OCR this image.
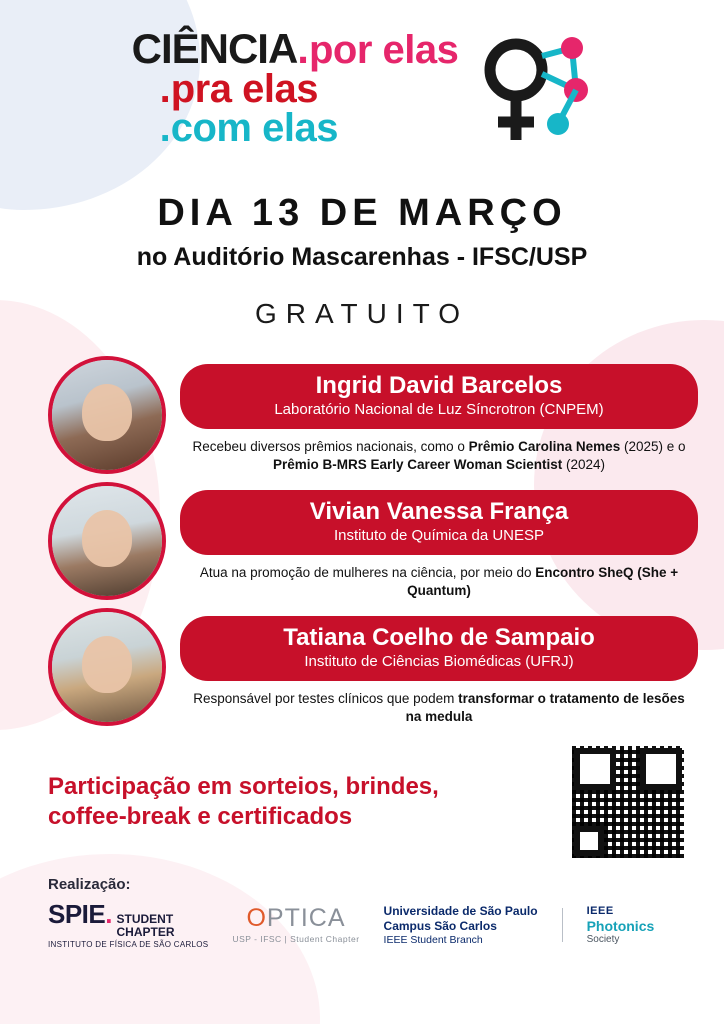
CIÊNCIA . por elas
. pra elas
. com elas
DIA 13 DE MARÇO
no Auditório Mascarenhas - IFSC/USP
GRATUITO
Ingrid David Barcelos
Laboratório Nacional de Luz Síncrotron (CNPEM)
Recebeu diversos prêmios nacionais, como o Prêmio Carolina Nemes (2025) e o Prêmio B-MRS Early Career Woman Scientist (2024)
Vivian Vanessa França
Instituto de Química da UNESP
Atua na promoção de mulheres na ciência, por meio do Encontro SheQ (She + Quantum)
Tatiana Coelho de Sampaio
Instituto de Ciências Biomédicas (UFRJ)
Responsável por testes clínicos que podem transformar o tratamento de lesões na medula
Participação em sorteios, brindes,
coffee-break e certificados
Realização:
SPIE . STUDENT
CHAPTER
INSTITUTO DE FÍSICA DE SÃO CARLOS
OPTICA
USP - IFSC | Student Chapter
Universidade de São Paulo
Campus São Carlos
IEEE Student Branch
IEEE
Photonics
Society
